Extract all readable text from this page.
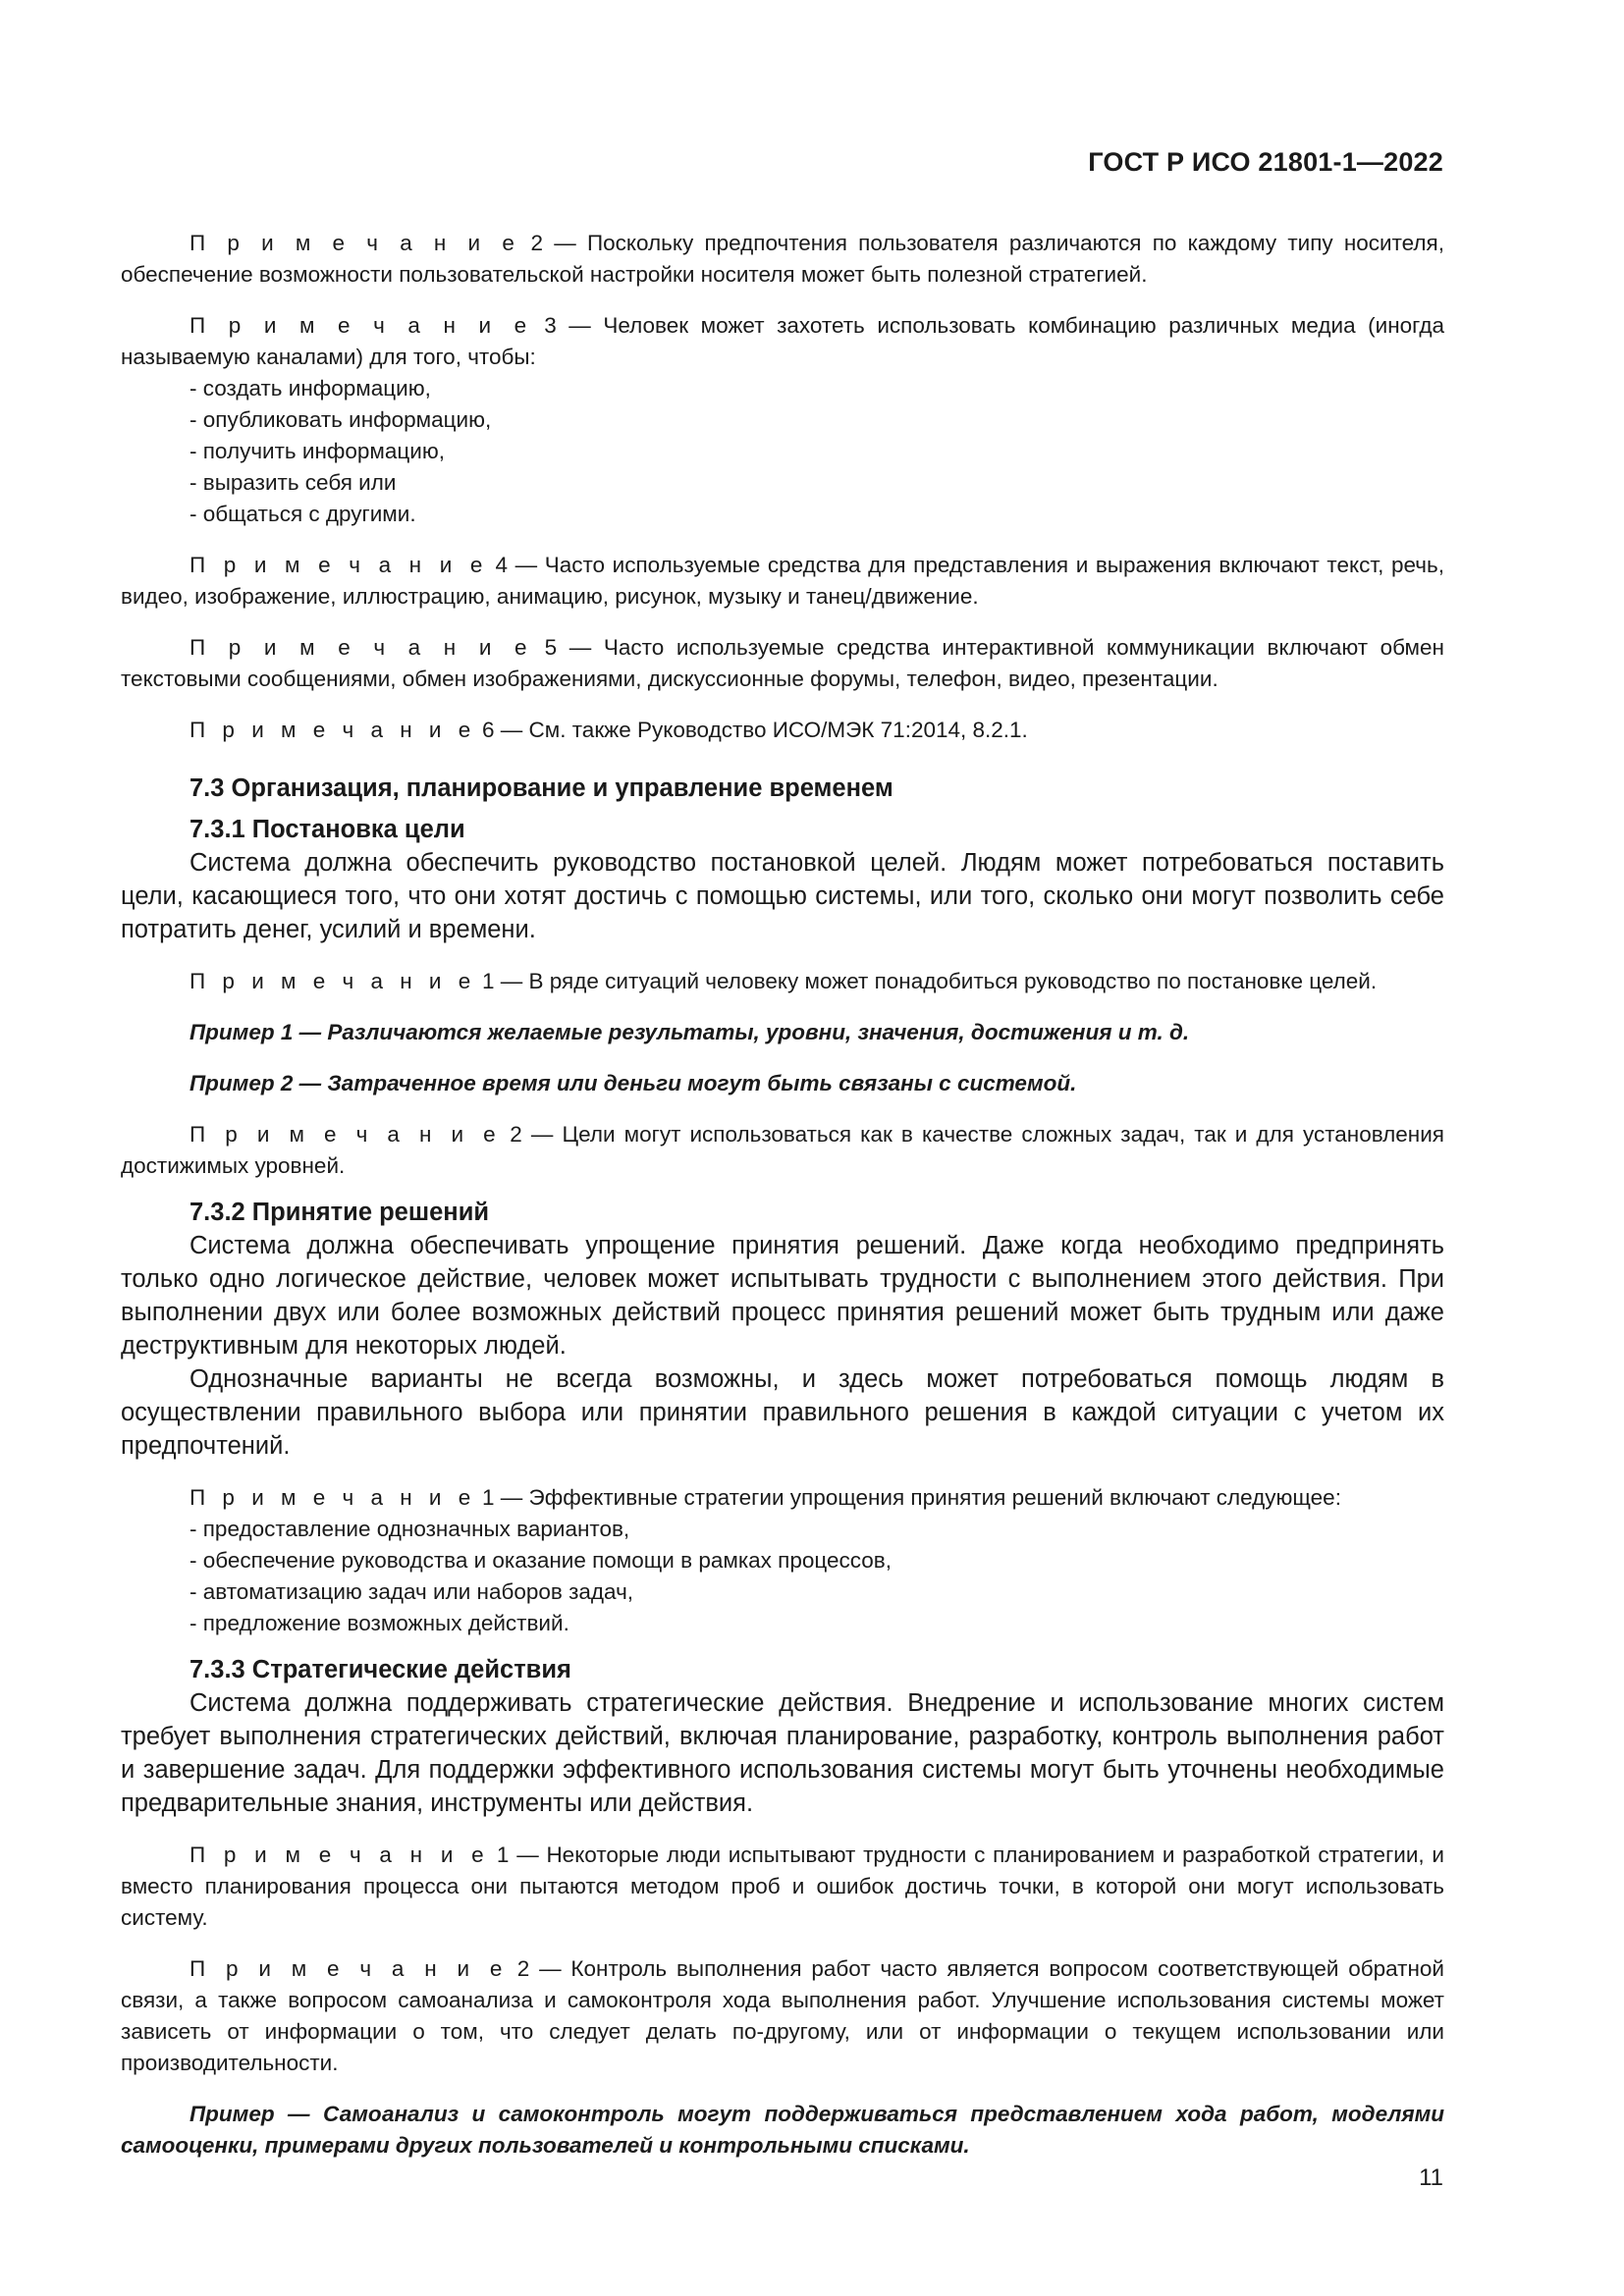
ГОСТ Р ИСО 21801-1—2022

П р и м е ч а н и е 2 — Поскольку предпочтения пользователя различаются по каждому типу носителя, обеспечение возможности пользовательской настройки носителя может быть полезной стратегией.

П р и м е ч а н и е 3 — Человек может захотеть использовать комбинацию различных медиа (иногда называемую каналами) для того, чтобы:

- создать информацию,

- опубликовать информацию,

- получить информацию,

- выразить себя или

- общаться с другими.

П р и м е ч а н и е 4 — Часто используемые средства для представления и выражения включают текст, речь, видео, изображение, иллюстрацию, анимацию, рисунок, музыку и танец/движение.

П р и м е ч а н и е 5 — Часто используемые средства интерактивной коммуникации включают обмен текстовыми сообщениями, обмен изображениями, дискуссионные форумы, телефон, видео, презентации.

П р и м е ч а н и е 6 — См. также Руководство ИСО/МЭК 71:2014, 8.2.1.

7.3 Организация, планирование и управление временем

7.3.1 Постановка цели

Система должна обеспечить руководство постановкой целей. Людям может потребоваться поставить цели, касающиеся того, что они хотят достичь с помощью системы, или того, сколько они могут позволить себе потратить денег, усилий и времени.

П р и м е ч а н и е 1 — В ряде ситуаций человеку может понадобиться руководство по постановке целей.

Пример 1 — Различаются желаемые результаты, уровни, значения, достижения и т. д.

Пример 2 — Затраченное время или деньги могут быть связаны с системой.

П р и м е ч а н и е 2 — Цели могут использоваться как в качестве сложных задач, так и для установления достижимых уровней.

7.3.2 Принятие решений

Система должна обеспечивать упрощение принятия решений. Даже когда необходимо предпринять только одно логическое действие, человек может испытывать трудности с выполнением этого действия. При выполнении двух или более возможных действий процесс принятия решений может быть трудным или даже деструктивным для некоторых людей.

Однозначные варианты не всегда возможны, и здесь может потребоваться помощь людям в осуществлении правильного выбора или принятии правильного решения в каждой ситуации с учетом их предпочтений.

П р и м е ч а н и е 1 — Эффективные стратегии упрощения принятия решений включают следующее:

- предоставление однозначных вариантов,

- обеспечение руководства и оказание помощи в рамках процессов,

- автоматизацию задач или наборов задач,

- предложение возможных действий.

7.3.3 Стратегические действия

Система должна поддерживать стратегические действия. Внедрение и использование многих систем требует выполнения стратегических действий, включая планирование, разработку, контроль выполнения работ и завершение задач. Для поддержки эффективного использования системы могут быть уточнены необходимые предварительные знания, инструменты или действия.

П р и м е ч а н и е 1 — Некоторые люди испытывают трудности с планированием и разработкой стратегии, и вместо планирования процесса они пытаются методом проб и ошибок достичь точки, в которой они могут использовать систему.

П р и м е ч а н и е 2 — Контроль выполнения работ часто является вопросом соответствующей обратной связи, а также вопросом самоанализа и самоконтроля хода выполнения работ. Улучшение использования системы может зависеть от информации о том, что следует делать по-другому, или от информации о текущем использовании или производительности.

Пример — Самоанализ и самоконтроль могут поддерживаться представлением хода работ, моделями самооценки, примерами других пользователей и контрольными списками.

11
